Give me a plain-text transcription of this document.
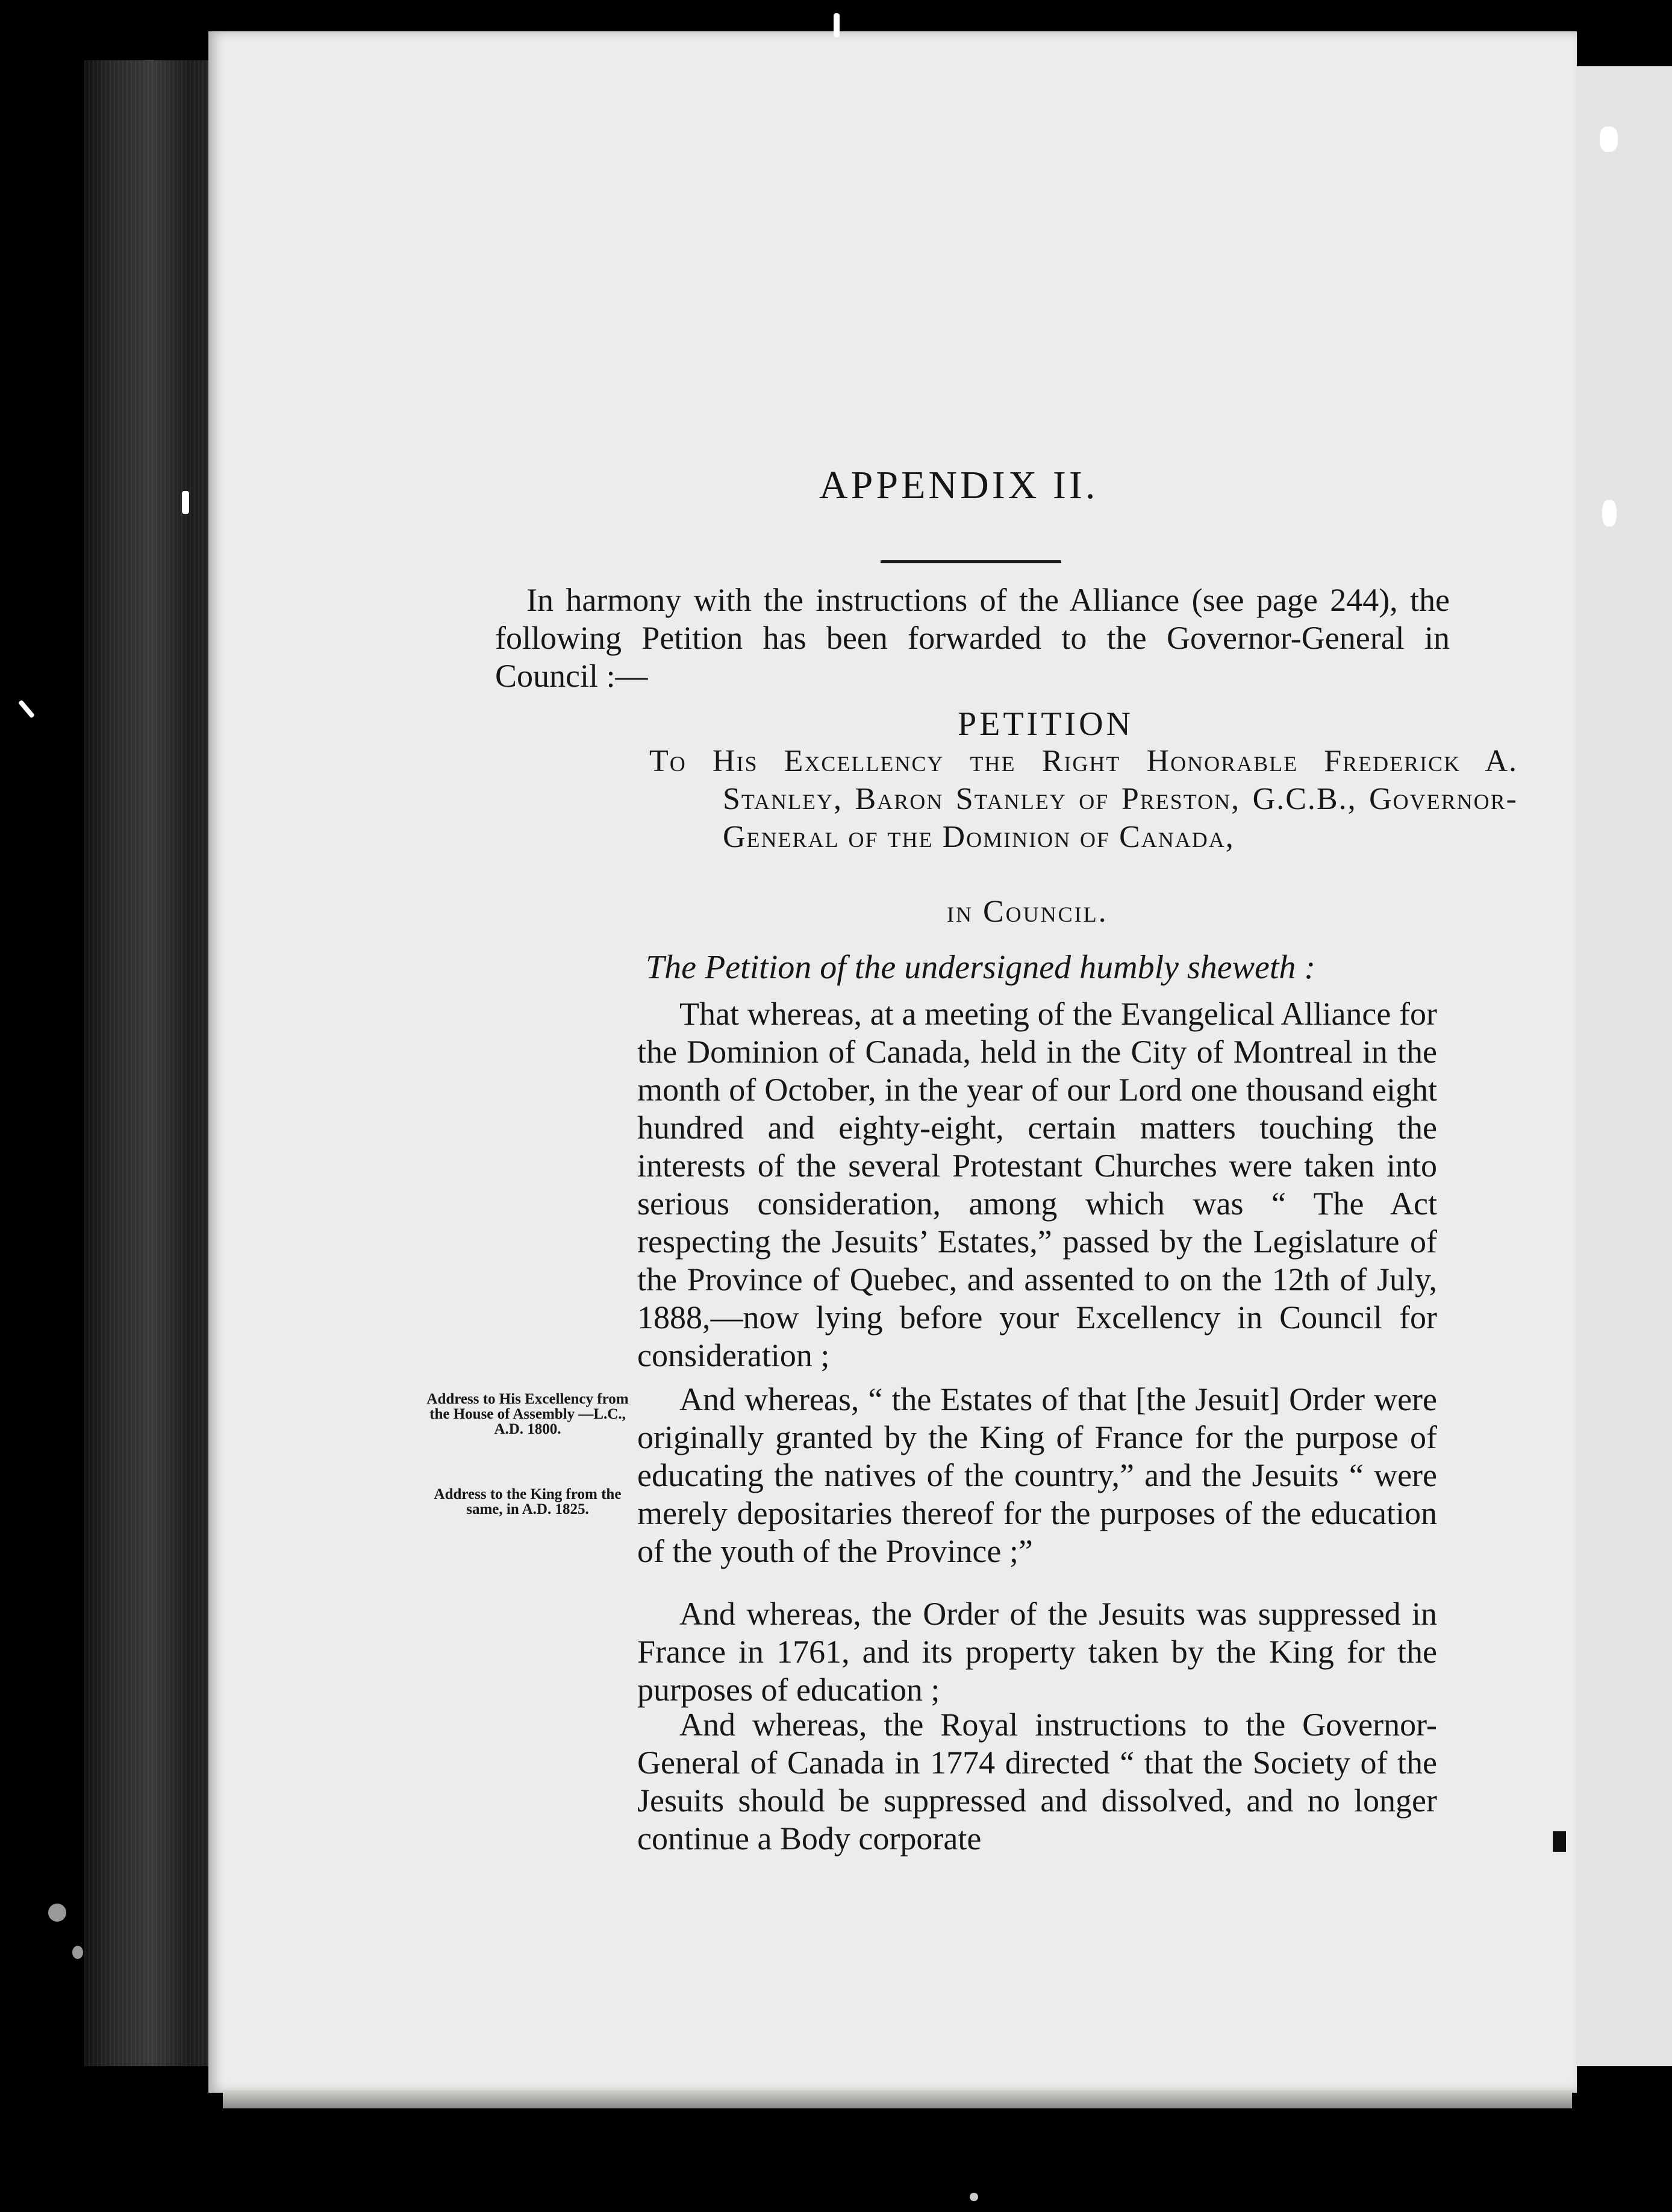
APPENDIX II.

In harmony with the instructions of the Alliance (see page 244), the following Petition has been forwarded to the Governor-General in Council :—

PETITION

To His Excellency the Right Honorable Frederick A. Stanley, Baron Stanley of Preston, G.C.B., Governor-General of the Dominion of Canada,

in Council.
The Petition of the undersigned humbly sheweth :

That whereas, at a meeting of the Evangelical Alliance for the Dominion of Canada, held in the City of Montreal in the month of October, in the year of our Lord one thousand eight hundred and eighty-eight, certain matters touching the interests of the several Protestant Churches were taken into serious consideration, among which was “ The Act respecting the Jesuits’ Estates,” passed by the Legislature of the Province of Quebec, and assented to on the 12th of July, 1888,—now lying before your Excellency in Council for consideration ;

And whereas, “ the Estates of that [the Jesuit] Order were originally granted by the King of France for the purpose of educating the natives of the country,” and the Jesuits “ were merely depositaries thereof for the purposes of the education of the youth of the Province ;”

And whereas, the Order of the Jesuits was suppressed in France in 1761, and its property taken by the King for the purposes of education ;

And whereas, the Royal instructions to the Governor-General of Canada in 1774 directed “ that the Society of the Jesuits should be suppressed and dissolved, and no longer continue a Body corporate

Address to His Excellency from the House of Assembly —L.C., A.D. 1800.

Address to the King from the same, in A.D. 1825.
